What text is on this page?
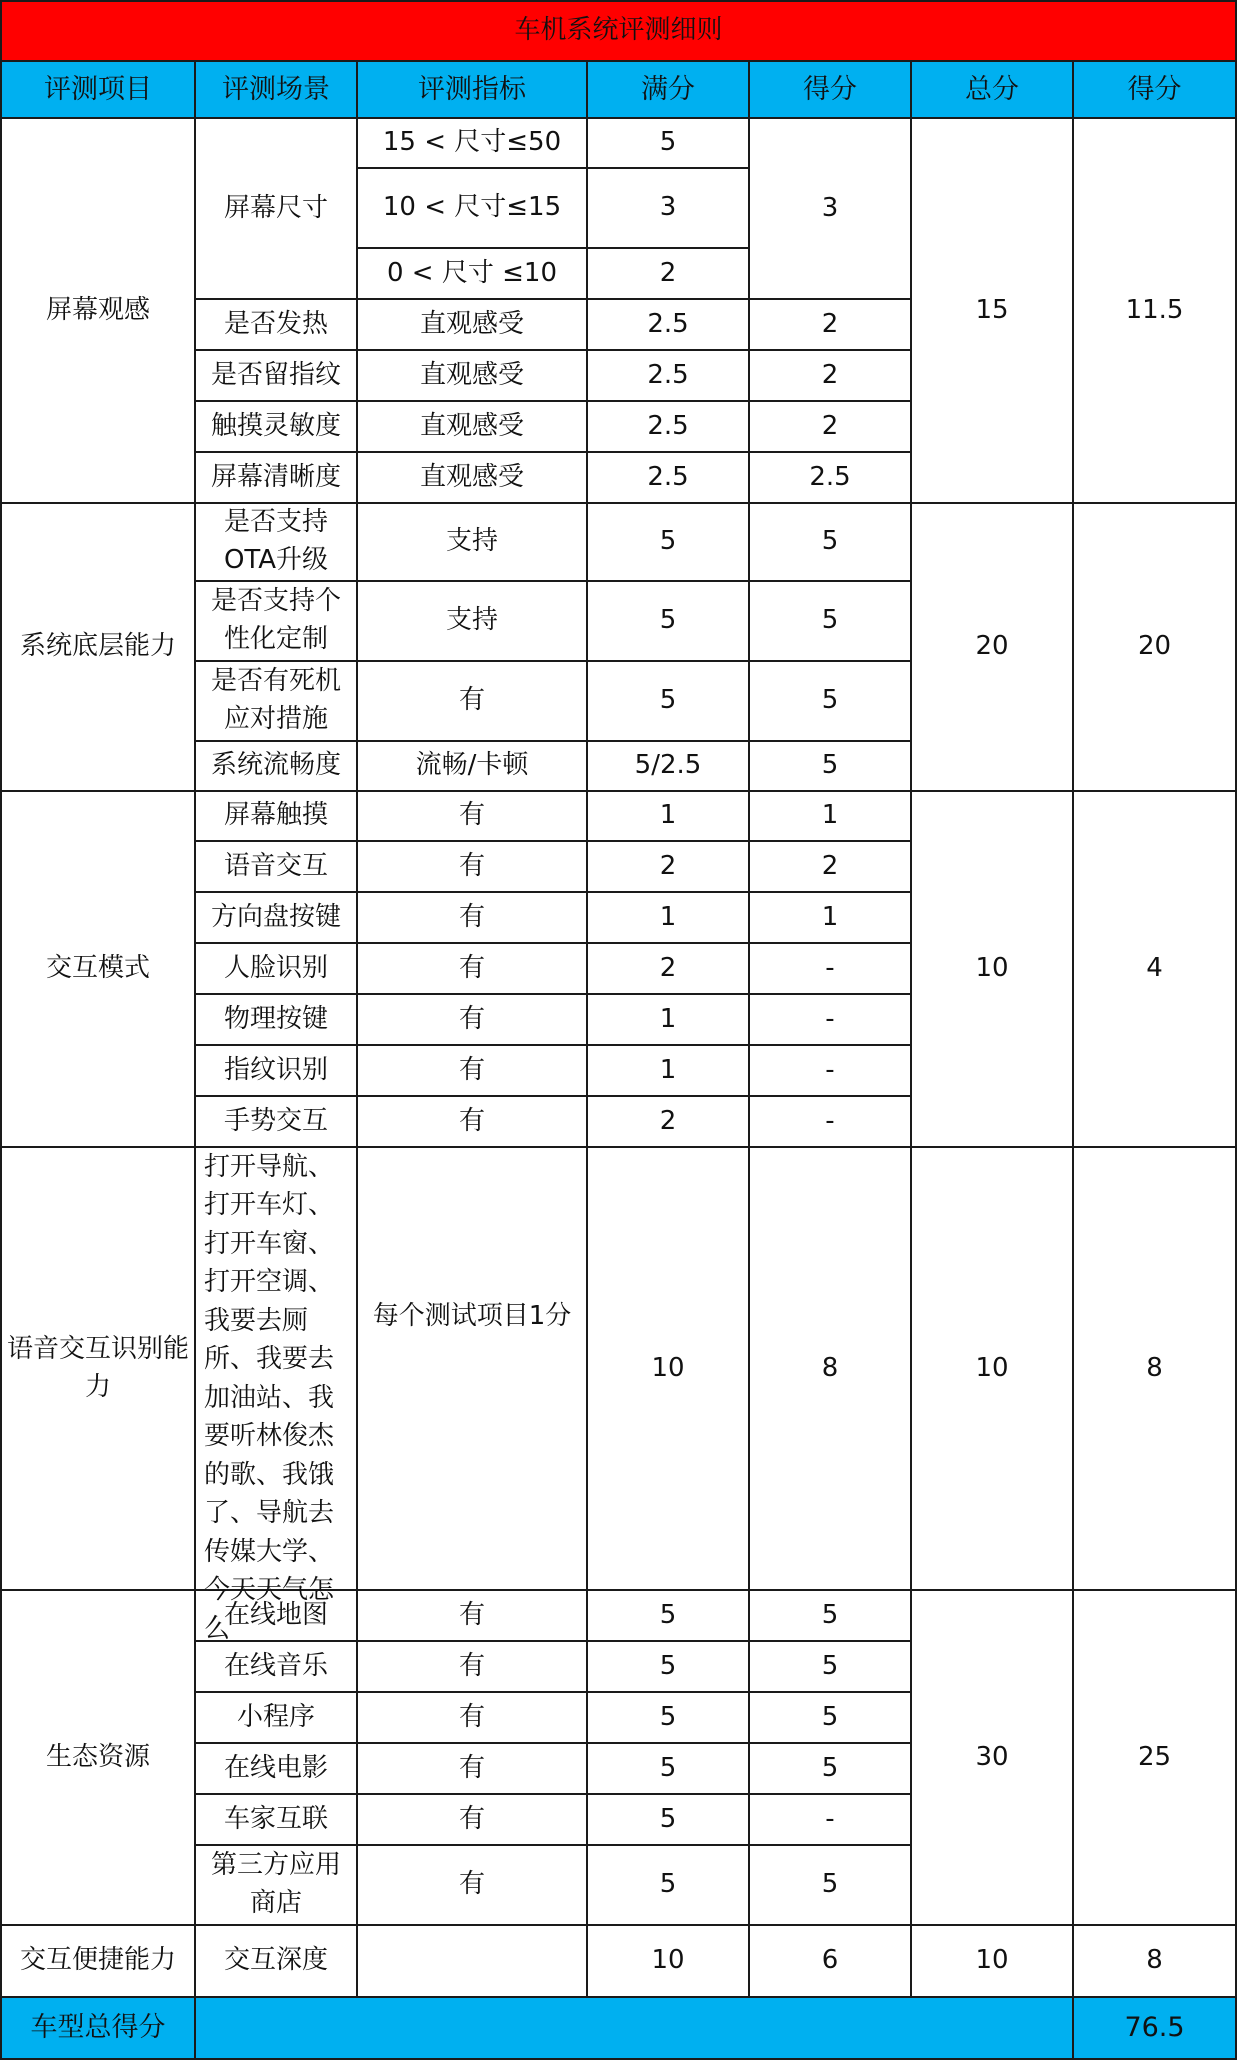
车机系统评测细则						
评测项目	评测场景	评测指标	满分	得分	总分	得分
屏幕观感	屏幕尺寸	15 < 尺寸≤50	5	3	15	11.5
		10 < 尺寸≤15	3			
		0 < 尺寸 ≤10	2			
	是否发热	直观感受	2.5	2		
	是否留指纹	直观感受	2.5	2		
	触摸灵敏度	直观感受	2.5	2		
	屏幕清晰度	直观感受	2.5	2.5		
系统底层能力	是否支持OTA升级	支持	5	5	20	20
	是否支持个性化定制	支持	5	5		
	是否有死机应对措施	有	5	5		
	系统流畅度	流畅/卡顿	5/2.5	5		
交互模式	屏幕触摸	有	1	1	10	4
	语音交互	有	2	2		
	方向盘按键	有	1	1		
	人脸识别	有	2	-		
	物理按键	有	1	-		
	指纹识别	有	1	-		
	手势交互	有	2	-		
语音交互识别能力	打开导航、打开车灯、打开车窗、打开空调、我要去厕所、我要去加油站、我要听林俊杰的歌、我饿了、导航去传媒大学、今天天气怎么	每个测试项目1分	10	8	10	8
生态资源	在线地图	有	5	5	30	25
	在线音乐	有	5	5		
	小程序	有	5	5		
	在线电影	有	5	5		
	车家互联	有	5	-		
	第三方应用商店	有	5	5		
交互便捷能力	交互深度		10	6	10	8
车型总得分						76.5
